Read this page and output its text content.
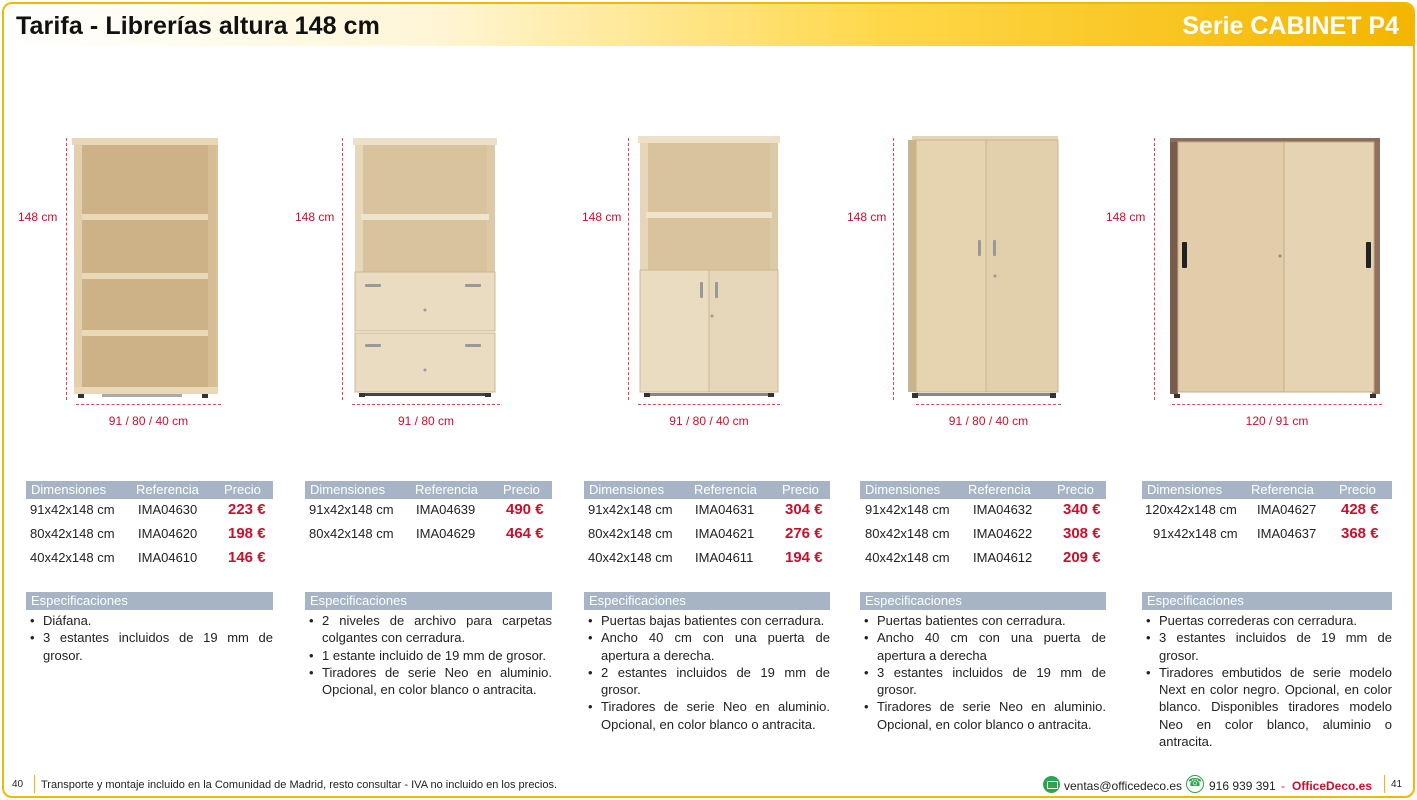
Tarifa - Librerías altura 148 cm	Serie CABINET P4
148 cm
91 / 80 / 40 cm
Dimensiones Referencia Precio
91x42x148 cm IMA04630 223 €
80x42x148 cm IMA04620 198 €
40x42x148 cm IMA04610 146 €
Especificaciones
• Diáfana.
• 3 estantes incluidos de 19 mm de grosor.
148 cm
91 / 80 cm
Dimensiones Referencia Precio
91x42x148 cm IMA04639 490 €
80x42x148 cm IMA04629 464 €
Especificaciones
• 2 niveles de archivo para carpetas colgantes con cerradura.
• 1 estante incluido de 19 mm de grosor.
• Tiradores de serie Neo en aluminio. Opcional, en color blanco o antracita.
148 cm
91 / 80 / 40 cm
Dimensiones Referencia Precio
91x42x148 cm IMA04631 304 €
80x42x148 cm IMA04621 276 €
40x42x148 cm IMA04611 194 €
Especificaciones
• Puertas bajas batientes con cerradura.
• Ancho 40 cm con una puerta de apertura a derecha.
• 2 estantes incluidos de 19 mm de grosor.
• Tiradores de serie Neo en aluminio. Opcional, en color blanco o antracita.
148 cm
91 / 80 / 40 cm
Dimensiones Referencia Precio
91x42x148 cm IMA04632 340 €
80x42x148 cm IMA04622 308 €
40x42x148 cm IMA04612 209 €
Especificaciones
• Puertas batientes con cerradura.
• Ancho 40 cm con una puerta de apertura a derecha
• 3 estantes incluidos de 19 mm de grosor.
• Tiradores de serie Neo en aluminio. Opcional, en color blanco o antracita.
148 cm
120 / 91 cm
Dimensiones Referencia Precio
120x42x148 cm IMA04627 428 €
91x42x148 cm IMA04637 368 €
Especificaciones
• Puertas correderas con cerradura.
• 3 estantes incluidos de 19 mm de grosor.
• Tiradores embutidos de serie modelo Next en color negro. Opcional, en color blanco. Disponibles tiradores modelo Neo en color blanco, aluminio o antracita.
40 Transporte y montaje incluido en la Comunidad de Madrid, resto consultar - IVA no incluido en los precios.	ventas@officedeco.es ☎ 916 939 391 - OfficeDeco.es 41
